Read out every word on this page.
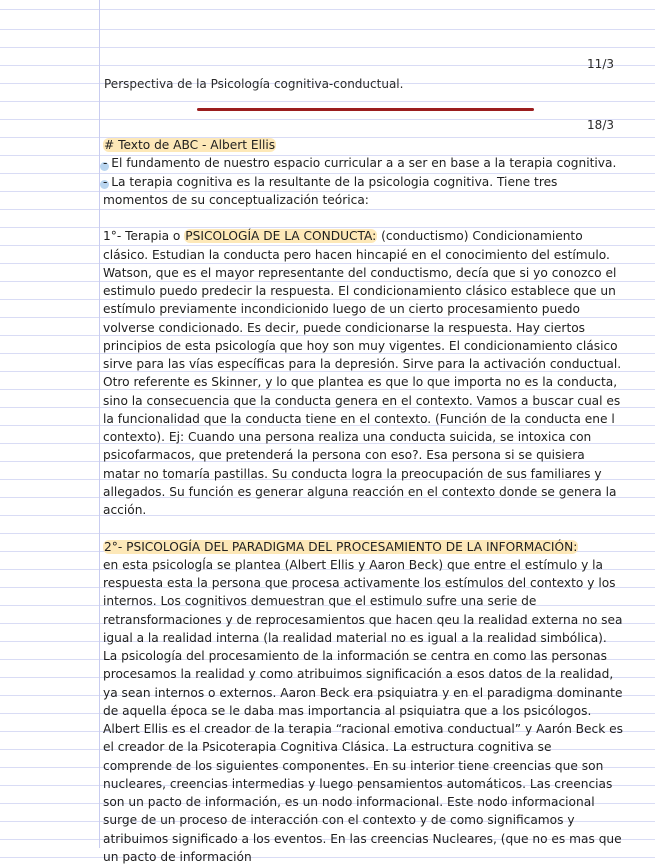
11/3
Perspectiva de la Psicología cognitiva-conductual.
18/3

# Texto de ABC - Albert Ellis

- El fundamento de nuestro espacio curricular a a ser en base a la terapia cognitiva.

- La terapia cognitiva es la resultante de la psicologia cognitiva. Tiene tres momentos de su conceptualización teórica:

1°- Terapia o PSICOLOGÍA DE LA CONDUCTA: (conductismo) Condicionamiento clásico. Estudian la conducta pero hacen hincapié en el conocimiento del estímulo. Watson, que es el mayor representante del conductismo, decía que si yo conozco el estimulo puedo predecir la respuesta. El condicionamiento clásico establece que un estímulo previamente incondicionido luego de un cierto procesamiento puedo volverse condicionado. Es decir, puede condicionarse la respuesta. Hay ciertos principios de esta psicología que hoy son muy vigentes. El condicionamiento clásico sirve para las vías específicas para la depresión. Sirve para la activación conductual. Otro referente es Skinner, y lo que plantea es que lo que importa no es la conducta, sino la consecuencia que la conducta genera en el contexto. Vamos a buscar cual es la funcionalidad que la conducta tiene en el contexto. (Función de la conducta ene l contexto). Ej: Cuando una persona realiza una conducta suicida, se intoxica con psicofarmacos, que pretenderá la persona con eso?. Esa persona si se quisiera matar no tomaría pastillas. Su conducta logra la preocupación de sus familiares y allegados. Su función es generar alguna reacción en el contexto donde se genera la acción.

2°- PSICOLOGÍA DEL PARADIGMA DEL PROCESAMIENTO DE LA INFORMACIÓN:

en esta psicologĺa se plantea (Albert Ellis y Aaron Beck) que entre el estímulo y la respuesta esta la persona que procesa activamente los estímulos del contexto y los internos. Los cognitivos demuestran que el estimulo sufre una serie de retransformaciones y de reprocesamientos que hacen qeu la realidad externa no sea igual a la realidad interna (la realidad material no es igual a la realidad simbólica). La psicología del procesamiento de la información se centra en como las personas procesamos la realidad y como atribuimos significación a esos datos de la realidad, ya sean internos o externos. Aaron Beck era psiquiatra y en el paradigma dominante de aquella época se le daba mas importancia al psiquiatra que a los psicólogos. Albert Ellis es el creador de la terapia “racional emotiva conductual” y Aarón Beck es el creador de la Psicoterapia Cognitiva Clásica. La estructura cognitiva se comprende de los siguientes componentes. En su interior tiene creencias que son nucleares, creencias intermedias y luego pensamientos automáticos. Las creencias son un pacto de información, es un nodo informacional. Este nodo informacional surge de un proceso de interacción con el contexto y de como significamos y atribuimos significado a los eventos. En las creencias Nucleares, (que no es mas que un pacto de información
